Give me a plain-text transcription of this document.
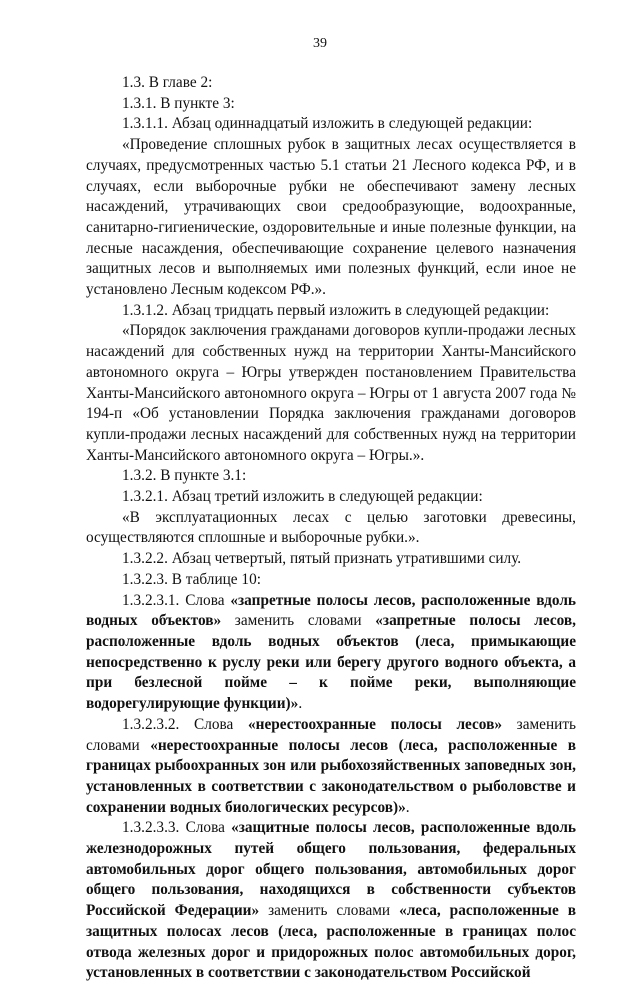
39

1.3. В главе 2:

1.3.1. В пункте 3:

1.3.1.1. Абзац одиннадцатый изложить в следующей редакции:

«Проведение сплошных рубок в защитных лесах осуществляется в случаях, предусмотренных частью 5.1 статьи 21 Лесного кодекса РФ, и в случаях, если выборочные рубки не обеспечивают замену лесных насаждений, утрачивающих свои средообразующие, водоохранные, санитарно-гигиенические, оздоровительные и иные полезные функции, на лесные насаждения, обеспечивающие сохранение целевого назначения защитных лесов и выполняемых ими полезных функций, если иное не установлено Лесным кодексом РФ.».

1.3.1.2. Абзац тридцать первый изложить в следующей редакции:

«Порядок заключения гражданами договоров купли-продажи лесных насаждений для собственных нужд на территории Ханты-Мансийского автономного округа – Югры утвержден постановлением Правительства Ханты-Мансийского автономного округа – Югры от 1 августа 2007 года № 194-п «Об установлении Порядка заключения гражданами договоров купли-продажи лесных насаждений для собственных нужд на территории Ханты-Мансийского автономного округа – Югры.».

1.3.2. В пункте 3.1:

1.3.2.1. Абзац третий изложить в следующей редакции:

«В эксплуатационных лесах с целью заготовки древесины, осуществляются сплошные и выборочные рубки.».

1.3.2.2. Абзац четвертый, пятый признать утратившими силу.

1.3.2.3. В таблице 10:

1.3.2.3.1. Слова «запретные полосы лесов, расположенные вдоль водных объектов» заменить словами «запретные полосы лесов, расположенные вдоль водных объектов (леса, примыкающие непосредственно к руслу реки или берегу другого водного объекта, а при безлесной пойме – к пойме реки, выполняющие водорегулирующие функции)».

1.3.2.3.2. Слова «нерестоохранные полосы лесов» заменить словами «нерестоохранные полосы лесов (леса, расположенные в границах рыбоохранных зон или рыбохозяйственных заповедных зон, установленных в соответствии с законодательством о рыболовстве и сохранении водных биологических ресурсов)».

1.3.2.3.3. Слова «защитные полосы лесов, расположенные вдоль железнодорожных путей общего пользования, федеральных автомобильных дорог общего пользования, автомобильных дорог общего пользования, находящихся в собственности субъектов Российской Федерации» заменить словами «леса, расположенные в защитных полосах лесов (леса, расположенные в границах полос отвода железных дорог и придорожных полос автомобильных дорог, установленных в соответствии с законодательством Российской
